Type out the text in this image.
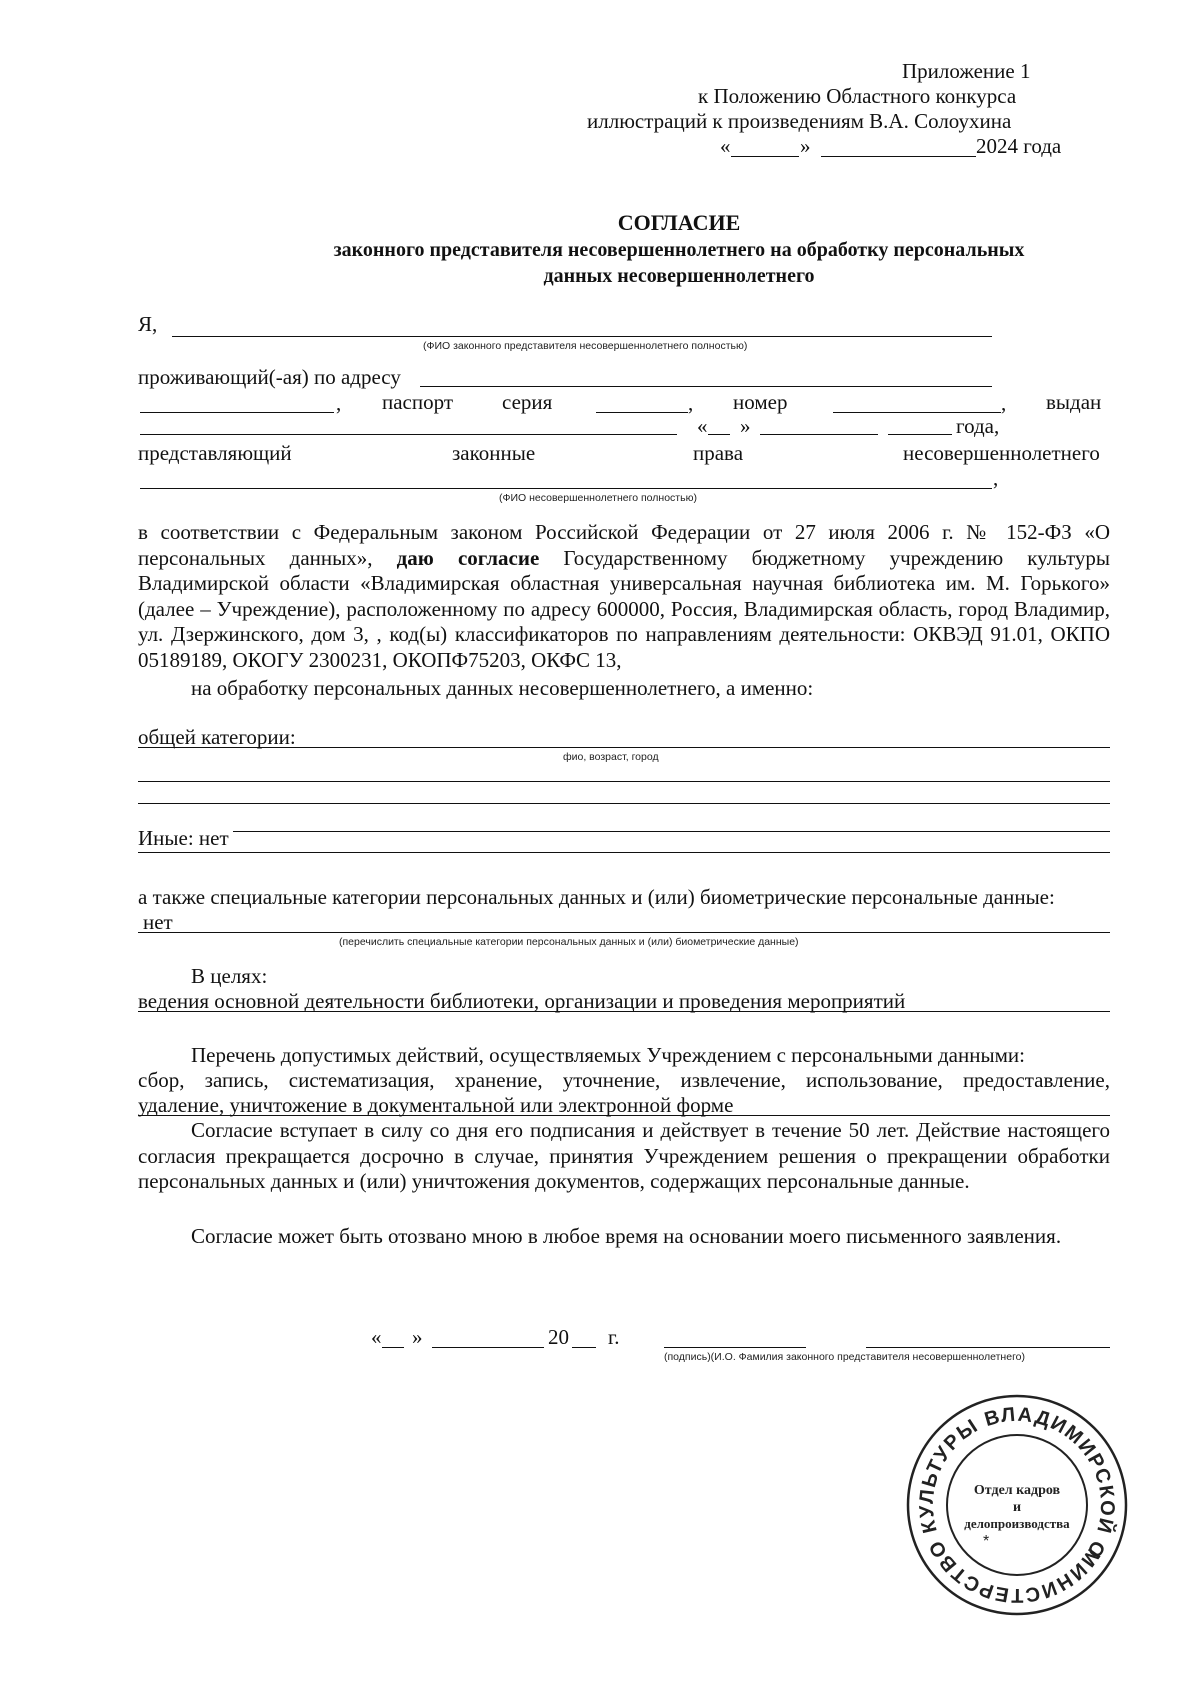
Приложение 1
к Положению Областного конкурса
иллюстраций к произведениям В.А. Солоухина
«	»	2024 года
СОГЛАСИЕ
законного представителя несовершеннолетнего на обработку персональных
данных несовершеннолетнего
Я,
(ФИО законного представителя несовершеннолетнего полностью)
проживающий(-ая) по адресу
, паспорт серия	, номер	, выдан
« »	года,
представляющий	законные	права	несовершеннолетнего
,
(ФИО несовершеннолетнего полностью)
в соответствии с Федеральным законом Российской Федерации от 27 июля 2006 г. № 152-ФЗ «О персональных данных», даю согласие Государственному бюджетному учреждению культуры Владимирской области «Владимирская областная универсальная научная библиотека им. М. Горького» (далее – Учреждение), расположенному по адресу 600000, Россия, Владимирская область, город Владимир, ул. Дзержинского, дом 3, , код(ы) классификаторов по направлениям деятельности: ОКВЭД 91.01, ОКПО 05189189, ОКОГУ 2300231, ОКОПФ75203, ОКФС 13,
на обработку персональных данных несовершеннолетнего, а именно:
общей категории:
фио, возраст, город
Иные: нет
а также специальные категории персональных данных и (или) биометрические персональные данные:
нет
(перечислить специальные категории персональных данных и (или) биометрические данные)
В целях:
ведения основной деятельности библиотеки, организации и проведения мероприятий
Перечень допустимых действий, осуществляемых Учреждением с персональными данными:
сбор, запись, систематизация, хранение, уточнение, извлечение, использование, предоставление,
удаление, уничтожение в документальной или электронной форме
Согласие вступает в силу со дня его подписания и действует в течение 50 лет. Действие настоящего согласия прекращается досрочно в случае, принятия Учреждением решения о прекращении обработки персональных данных и (или) уничтожения документов, содержащих персональные данные.
Согласие может быть отозвано мною в любое время на основании моего письменного заявления.
« »	20 г.
(подпись)(И.О. Фамилия законного представителя несовершеннолетнего)
МИНИСТЕРСТВО КУЛЬТУРЫ ВЛАДИМИРСКОЙ О
*
Отдел кадров
и
делопроизводства
